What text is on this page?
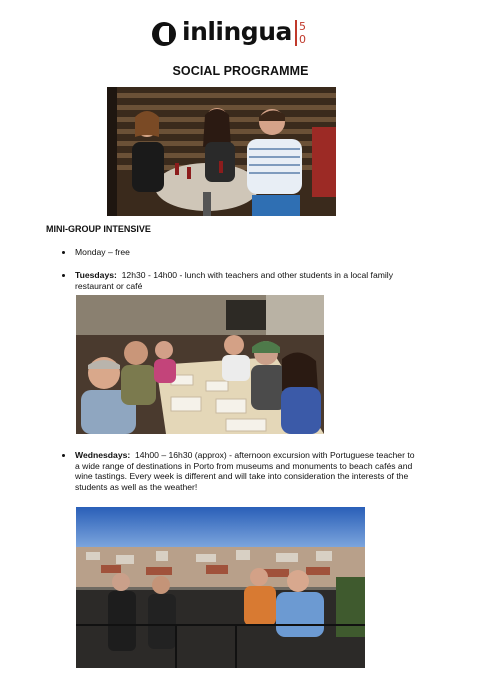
inlingua 5
0
SOCIAL PROGRAMME
MINI-GROUP INTENSIVE
Monday – free
Tuesdays: 12h30 - 14h00 - lunch with teachers and other students in a local family restaurant or café
Wednesdays: 14h00 – 16h30 (approx) - afternoon excursion with Portuguese teacher to a wide range of destinations in Porto from museums and monuments to beach cafés and wine tastings. Every week is different and will take into consideration the interests of the students as well as the weather!
